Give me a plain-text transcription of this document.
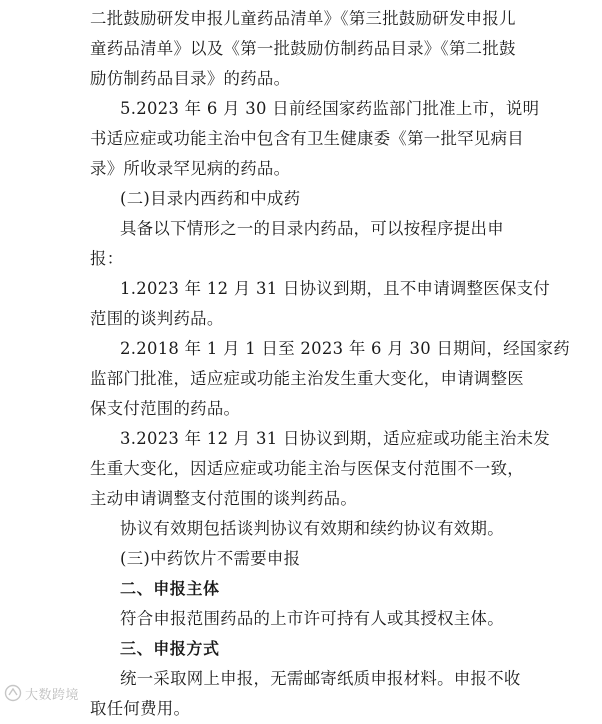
二批鼓励研发申报儿童药品清单》《第三批鼓励研发申报儿
童药品清单》以及《第一批鼓励仿制药品目录》《第二批鼓
励仿制药品目录》的药品。
5.2023 年 6 月 30 日前经国家药监部门批准上市，说明
书适应症或功能主治中包含有卫生健康委《第一批罕见病目
录》所收录罕见病的药品。
(二)目录内西药和中成药
具备以下情形之一的目录内药品，可以按程序提出申
报：
1.2023 年 12 月 31 日协议到期，且不申请调整医保支付
范围的谈判药品。
2.2018 年 1 月 1 日至 2023 年 6 月 30 日期间，经国家药
监部门批准，适应症或功能主治发生重大变化，申请调整医
保支付范围的药品。
3.2023 年 12 月 31 日协议到期，适应症或功能主治未发
生重大变化，因适应症或功能主治与医保支付范围不一致，
主动申请调整支付范围的谈判药品。
协议有效期包括谈判协议有效期和续约协议有效期。
(三)中药饮片不需要申报
二、申报主体
符合申报范围药品的上市许可持有人或其授权主体。
三、申报方式
统一采取网上申报，无需邮寄纸质申报材料。申报不收
取任何费用。
大数跨境
